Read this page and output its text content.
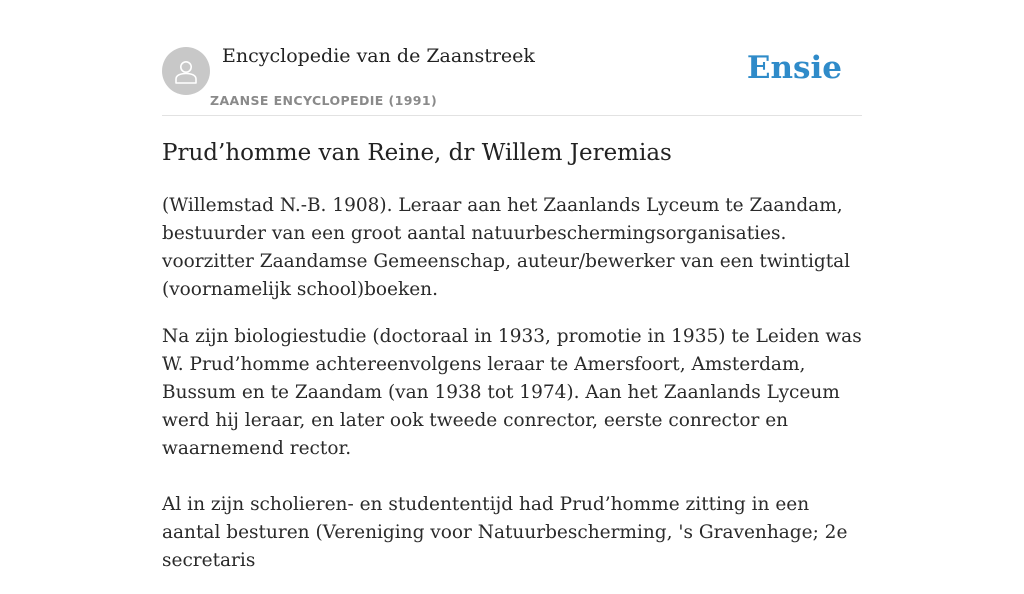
Encyclopedie van de Zaanstreek
ZAANSE ENCYCLOPEDIE (1991)
Ensie
Prud’homme van Reine, dr Willem Jeremias

(Willemstad N.-B. 1908). Leraar aan het Zaanlands Lyceum te Zaandam, bestuurder van een groot aantal natuurbeschermingsorganisaties. voorzitter Zaandamse Gemeenschap, auteur/bewerker van een twintigtal (voornamelijk school)boeken.

Na zijn biologiestudie (doctoraal in 1933, promotie in 1935) te Leiden was W. Prud’homme achtereenvolgens leraar te Amersfoort, Amsterdam, Bussum en te Zaandam (van 1938 tot 1974). Aan het Zaanlands Lyceum werd hij leraar, en later ook tweede conrector, eerste conrector en waarnemend rector.

Al in zijn scholieren- en studententijd had Prud’homme zitting in een aantal besturen (Vereniging voor Natuurbescherming, 's Gravenhage; 2e secretaris
